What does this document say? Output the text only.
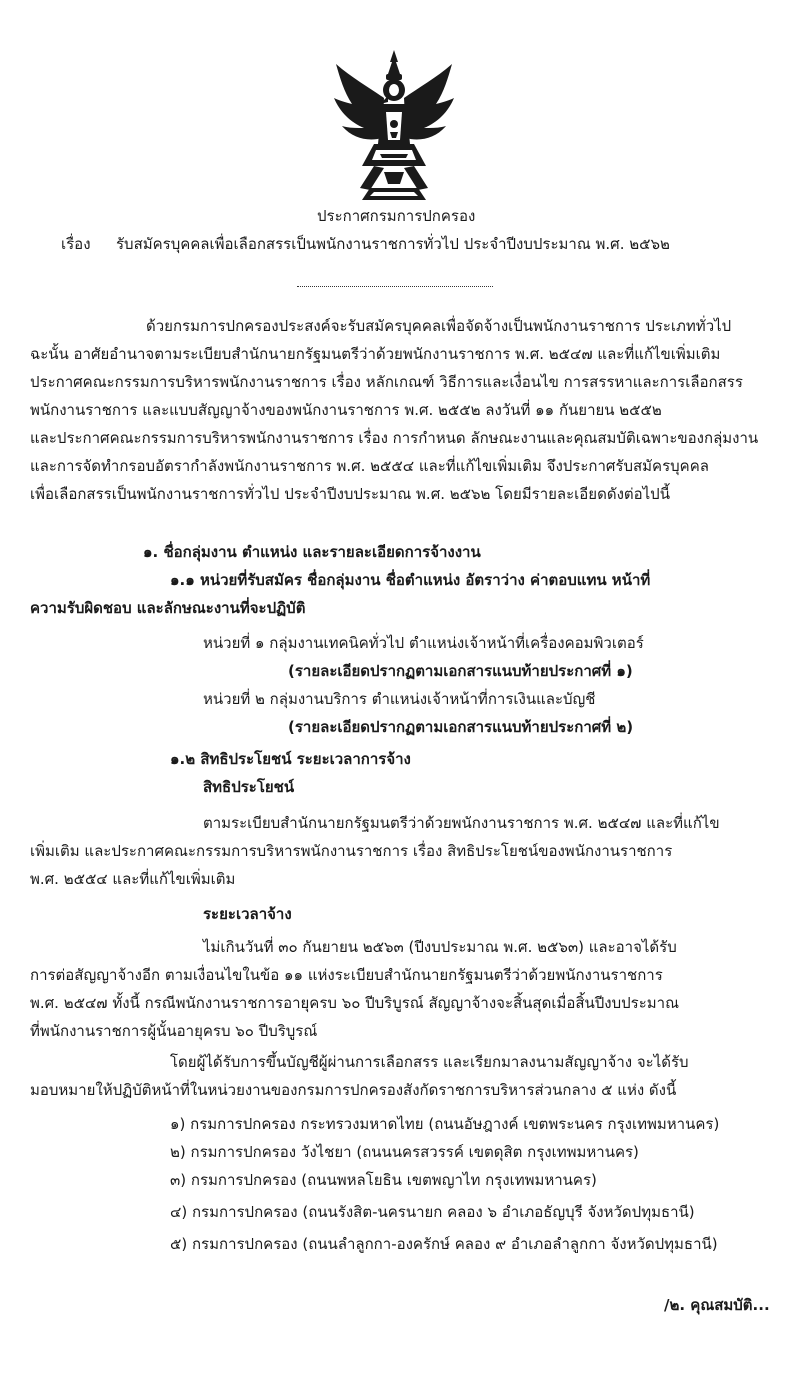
ประกาศกรมการปกครอง
เรื่อง รับสมัครบุคคลเพื่อเลือกสรรเป็นพนักงานราชการทั่วไป ประจำปีงบประมาณ พ.ศ. ๒๕๖๒
ด้วยกรมการปกครองประสงค์จะรับสมัครบุคคลเพื่อจัดจ้างเป็นพนักงานราชการ ประเภททั่วไป
ฉะนั้น อาศัยอำนาจตามระเบียบสำนักนายกรัฐมนตรีว่าด้วยพนักงานราชการ พ.ศ. ๒๕๔๗ และที่แก้ไขเพิ่มเติม
ประกาศคณะกรรมการบริหารพนักงานราชการ เรื่อง หลักเกณฑ์ วิธีการและเงื่อนไข การสรรหาและการเลือกสรร
พนักงานราชการ และแบบสัญญาจ้างของพนักงานราชการ พ.ศ. ๒๕๕๒ ลงวันที่ ๑๑ กันยายน ๒๕๕๒
และประกาศคณะกรรมการบริหารพนักงานราชการ เรื่อง การกำหนด ลักษณะงานและคุณสมบัติเฉพาะของกลุ่มงาน
และการจัดทำกรอบอัตรากำลังพนักงานราชการ พ.ศ. ๒๕๕๔ และที่แก้ไขเพิ่มเติม จึงประกาศรับสมัครบุคคล
เพื่อเลือกสรรเป็นพนักงานราชการทั่วไป ประจำปีงบประมาณ พ.ศ. ๒๕๖๒ โดยมีรายละเอียดดังต่อไปนี้
๑. ชื่อกลุ่มงาน ตำแหน่ง และรายละเอียดการจ้างงาน
๑.๑ หน่วยที่รับสมัคร ชื่อกลุ่มงาน ชื่อตำแหน่ง อัตราว่าง ค่าตอบแทน หน้าที่
ความรับผิดชอบ และลักษณะงานที่จะปฏิบัติ
หน่วยที่ ๑ กลุ่มงานเทคนิคทั่วไป ตำแหน่งเจ้าหน้าที่เครื่องคอมพิวเตอร์
(รายละเอียดปรากฏตามเอกสารแนบท้ายประกาศที่ ๑)
หน่วยที่ ๒ กลุ่มงานบริการ ตำแหน่งเจ้าหน้าที่การเงินและบัญชี
(รายละเอียดปรากฏตามเอกสารแนบท้ายประกาศที่ ๒)
๑.๒ สิทธิประโยชน์ ระยะเวลาการจ้าง
สิทธิประโยชน์
ตามระเบียบสำนักนายกรัฐมนตรีว่าด้วยพนักงานราชการ พ.ศ. ๒๕๔๗ และที่แก้ไข
เพิ่มเติม และประกาศคณะกรรมการบริหารพนักงานราชการ เรื่อง สิทธิประโยชน์ของพนักงานราชการ
พ.ศ. ๒๕๕๔ และที่แก้ไขเพิ่มเติม
ระยะเวลาจ้าง
ไม่เกินวันที่ ๓๐ กันยายน ๒๕๖๓ (ปีงบประมาณ พ.ศ. ๒๕๖๓) และอาจได้รับ
การต่อสัญญาจ้างอีก ตามเงื่อนไขในข้อ ๑๑ แห่งระเบียบสำนักนายกรัฐมนตรีว่าด้วยพนักงานราชการ
พ.ศ. ๒๕๔๗ ทั้งนี้ กรณีพนักงานราชการอายุครบ ๖๐ ปีบริบูรณ์ สัญญาจ้างจะสิ้นสุดเมื่อสิ้นปีงบประมาณ
ที่พนักงานราชการผู้นั้นอายุครบ ๖๐ ปีบริบูรณ์
โดยผู้ได้รับการขึ้นบัญชีผู้ผ่านการเลือกสรร และเรียกมาลงนามสัญญาจ้าง จะได้รับ
มอบหมายให้ปฏิบัติหน้าที่ในหน่วยงานของกรมการปกครองสังกัดราชการบริหารส่วนกลาง ๕ แห่ง ดังนี้
๑) กรมการปกครอง กระทรวงมหาดไทย (ถนนอัษฎางค์ เขตพระนคร กรุงเทพมหานคร)
๒) กรมการปกครอง วังไชยา (ถนนนครสวรรค์ เขตดุสิต กรุงเทพมหานคร)
๓) กรมการปกครอง (ถนนพหลโยธิน เขตพญาไท กรุงเทพมหานคร)
๔) กรมการปกครอง (ถนนรังสิต-นครนายก คลอง ๖ อำเภอธัญบุรี จังหวัดปทุมธานี)
๕) กรมการปกครอง (ถนนลำลูกกา-องครักษ์ คลอง ๙ อำเภอลำลูกกา จังหวัดปทุมธานี)
/๒. คุณสมบัติ...
